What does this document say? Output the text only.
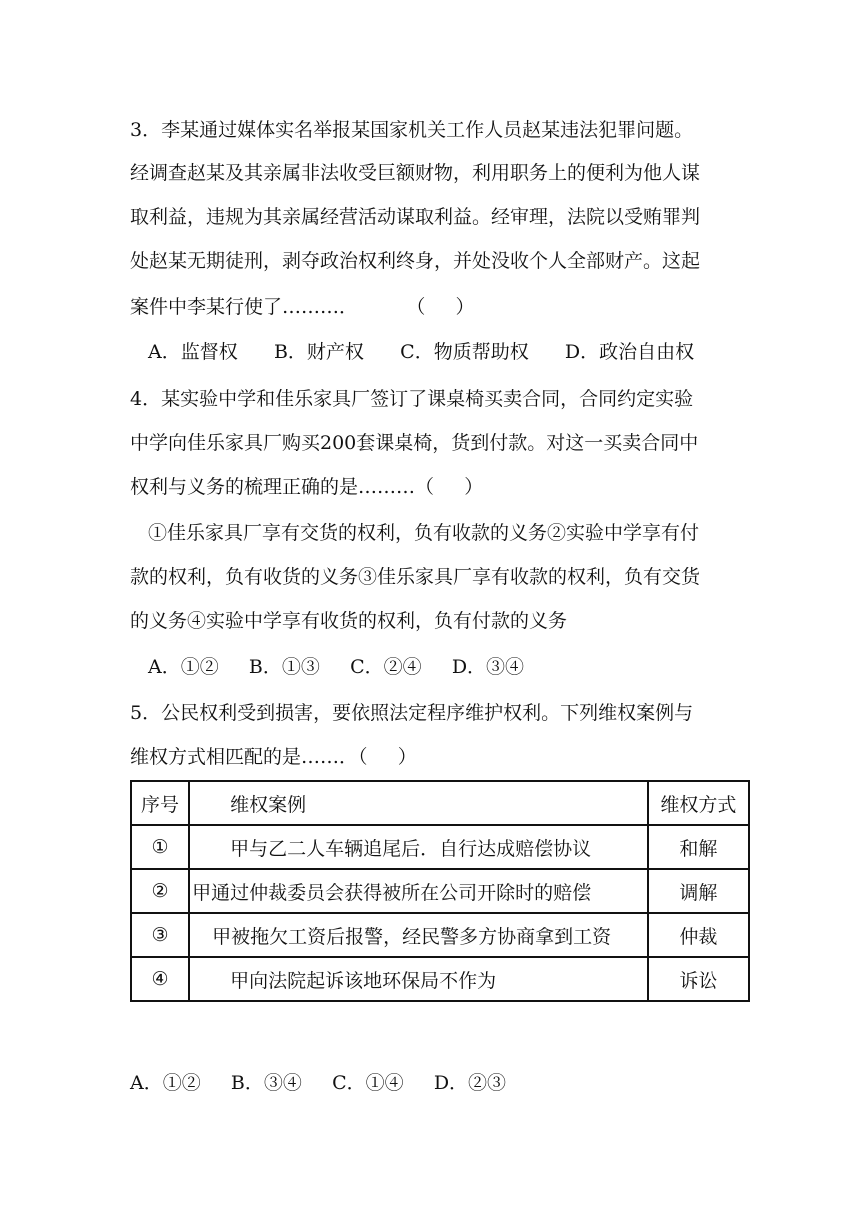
3．李某通过媒体实名举报某国家机关工作人员赵某违法犯罪问题。
经调查赵某及其亲属非法收受巨额财物，利用职务上的便利为他人谋
取利益，违规为其亲属经营活动谋取利益。经审理，法院以受贿罪判
处赵某无期徒刑，剥夺政治权利终身，并处没收个人全部财产。这起
案件中李某行使了………．        （     ）
A．监督权      B．财产权      C．物质帮助权      D．政治自由权
4．某实验中学和佳乐家具厂签订了课桌椅买卖合同，合同约定实验
中学向佳乐家具厂购买200套课桌椅，货到付款。对这一买卖合同中
权利与义务的梳理正确的是………（     ）
①佳乐家具厂享有交货的权利，负有收款的义务②实验中学享有付
款的权利，负有收货的义务③佳乐家具厂享有收款的权利，负有交货
的义务④实验中学享有收货的权利，负有付款的义务
A．①②     B．①③     C．②④     D．③④
5．公民权利受到损害，要依照法定程序维护权利。下列维权案例与
维权方式相匹配的是……．（     ）
序号	维权案例	维权方式
①	甲与乙二人车辆追尾后．自行达成赔偿协议	和解
②	甲通过仲裁委员会获得被所在公司开除时的赔偿	调解
③	甲被拖欠工资后报警，经民警多方协商拿到工资	仲裁
④	甲向法院起诉该地环保局不作为	诉讼
A．①②     B．③④     C．①④     D．②③
